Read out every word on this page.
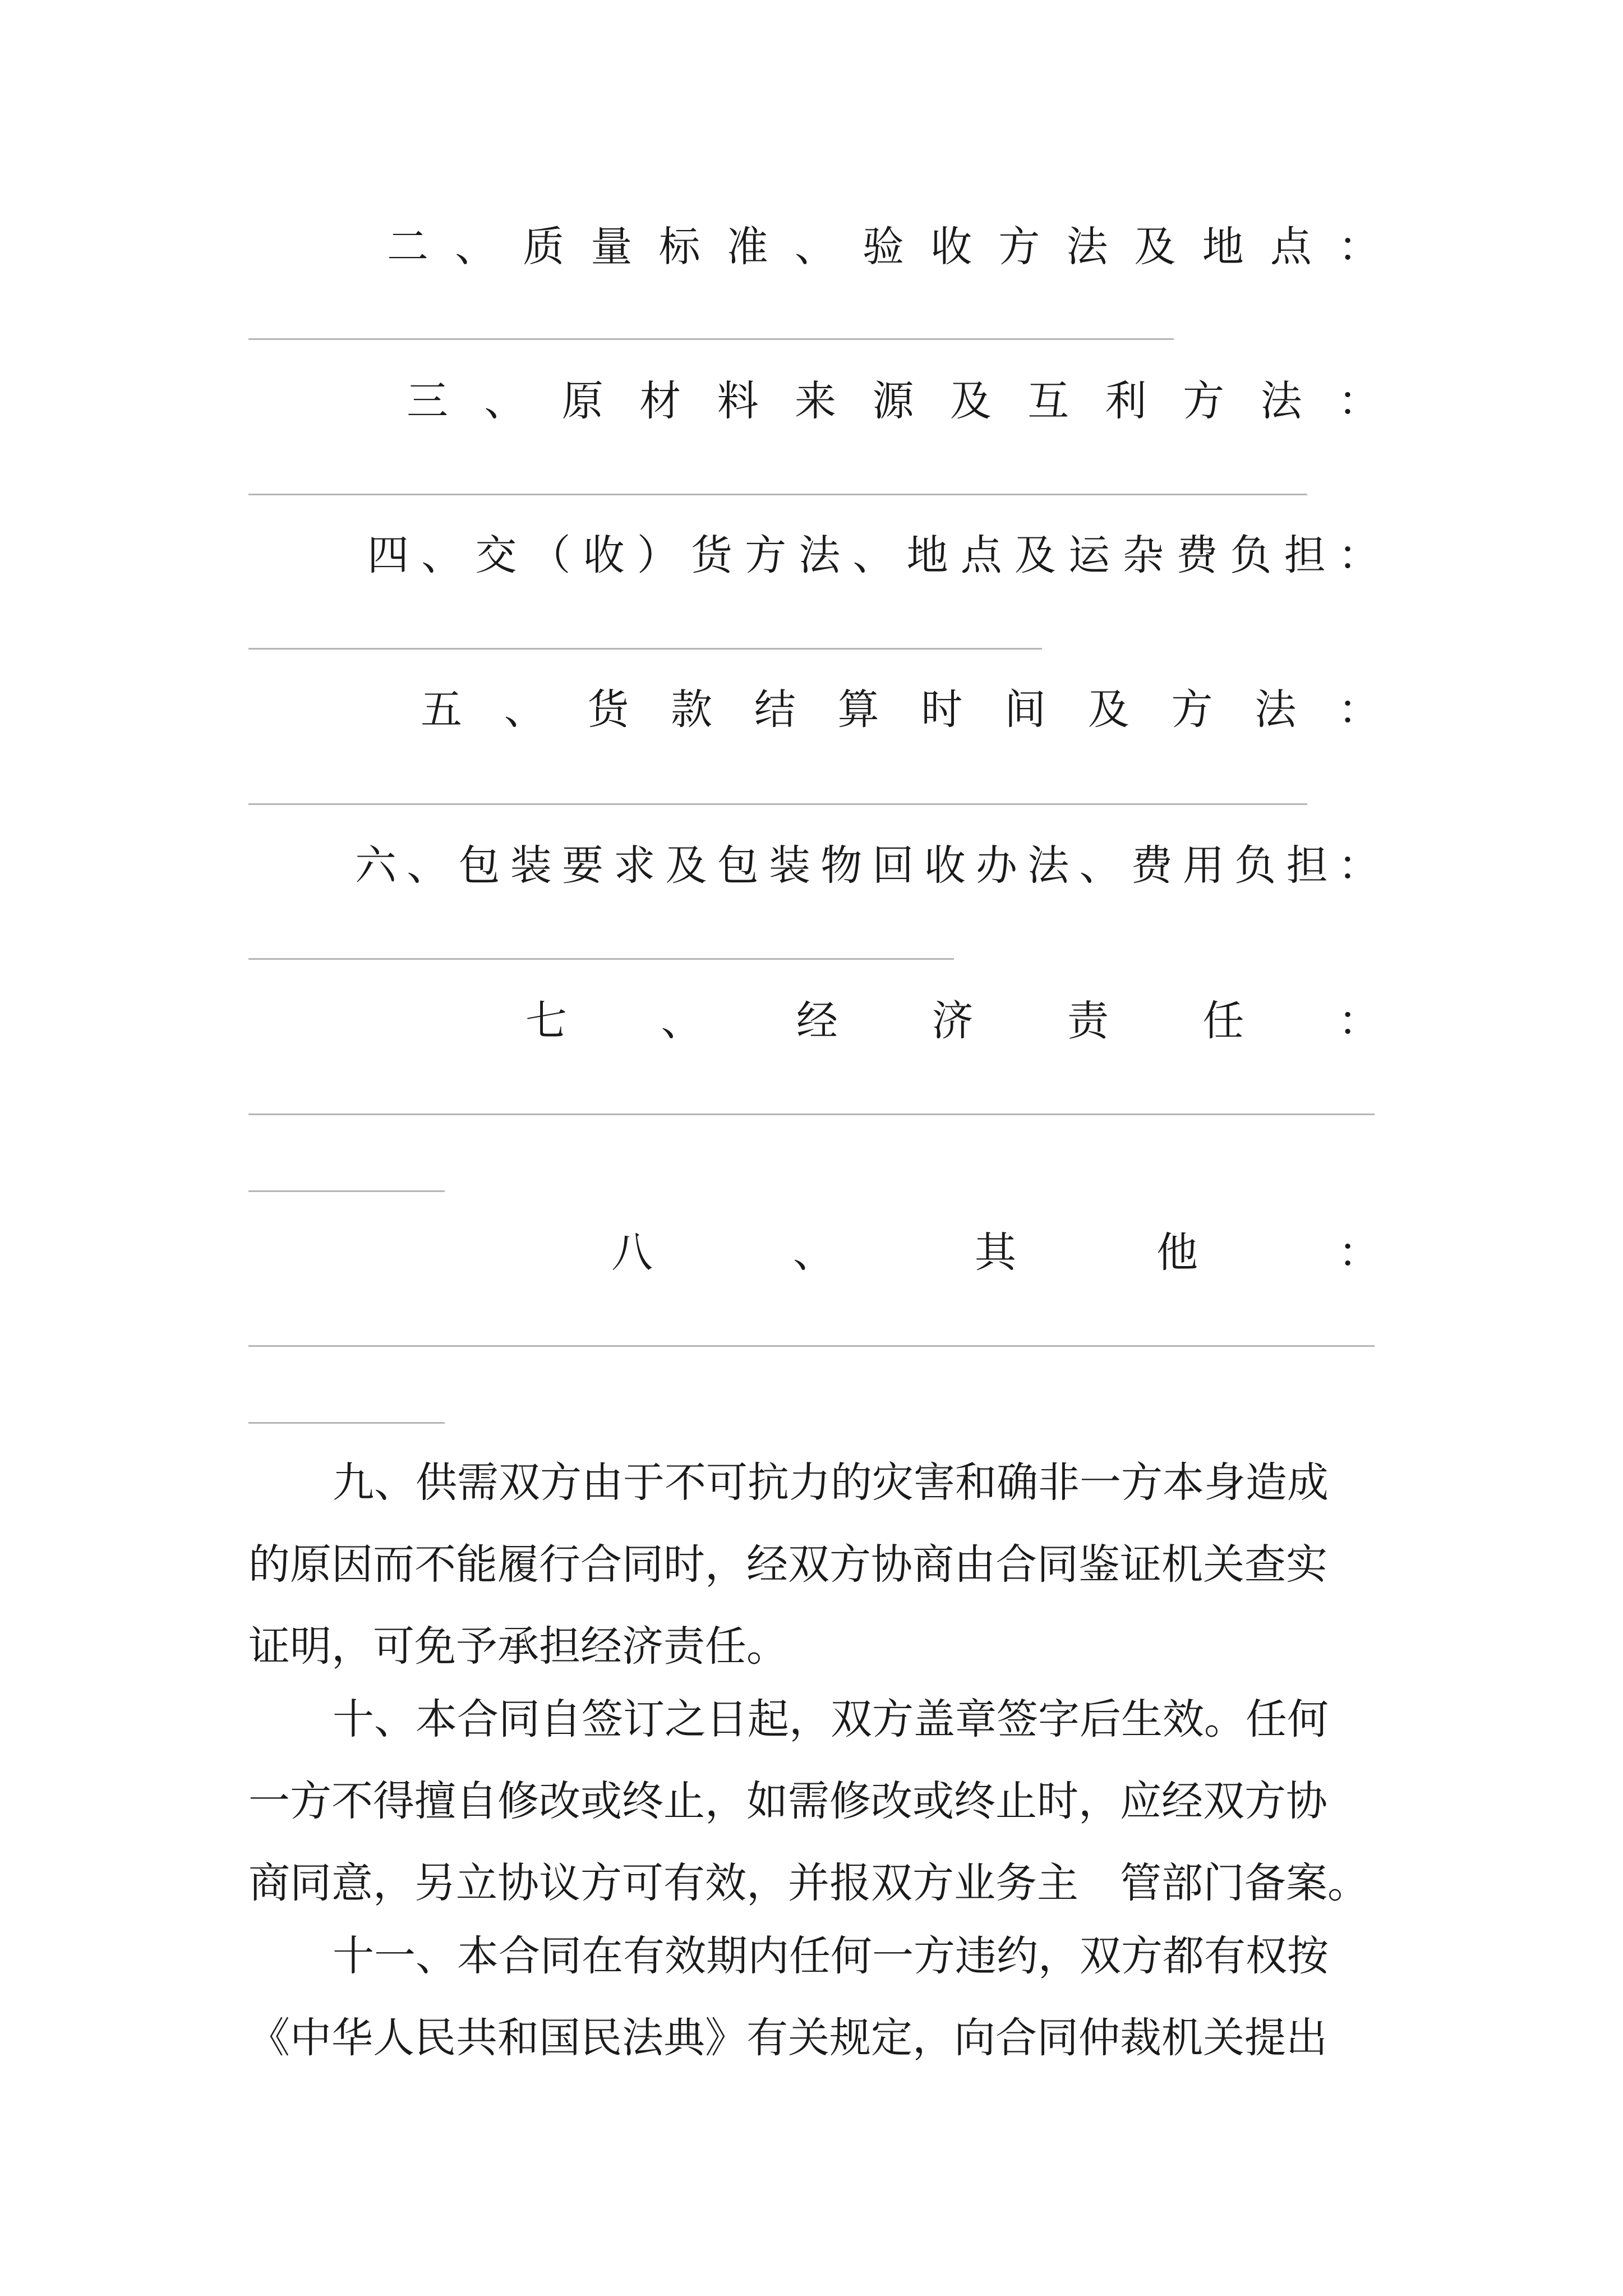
二 、 质 量 标 准 、 验 收 方 法 及 地 点 ：
三 、 原 材 料 来 源 及 互 利 方 法 ：
四 、 交 （ 收 ） 货 方 法 、 地 点 及 运 杂 费 负 担 ：
五 、 货 款 结 算 时 间 及 方 法 ：
六 、 包 装 要 求 及 包 装 物 回 收 办 法 、 费 用 负 担 ：
七 、 经 济 责 任 ：
八	、	其	他	：
九、供需双方由于不可抗力的灾害和确非一方本身造成
的原因而不能履行合同时，经双方协商由合同鉴证机关查实
证明，可免予承担经济责任。
十、本合同自签订之日起，双方盖章签字后生效。任何
一方不得擅自修改或终止，如需修改或终止时，应经双方协
商同意，另立协议方可有效，并报双方业务主　管部门备案。
十一、本合同在有效期内任何一方违约，双方都有权按
《中华人民共和国民法典》有关规定，向合同仲裁机关提出
